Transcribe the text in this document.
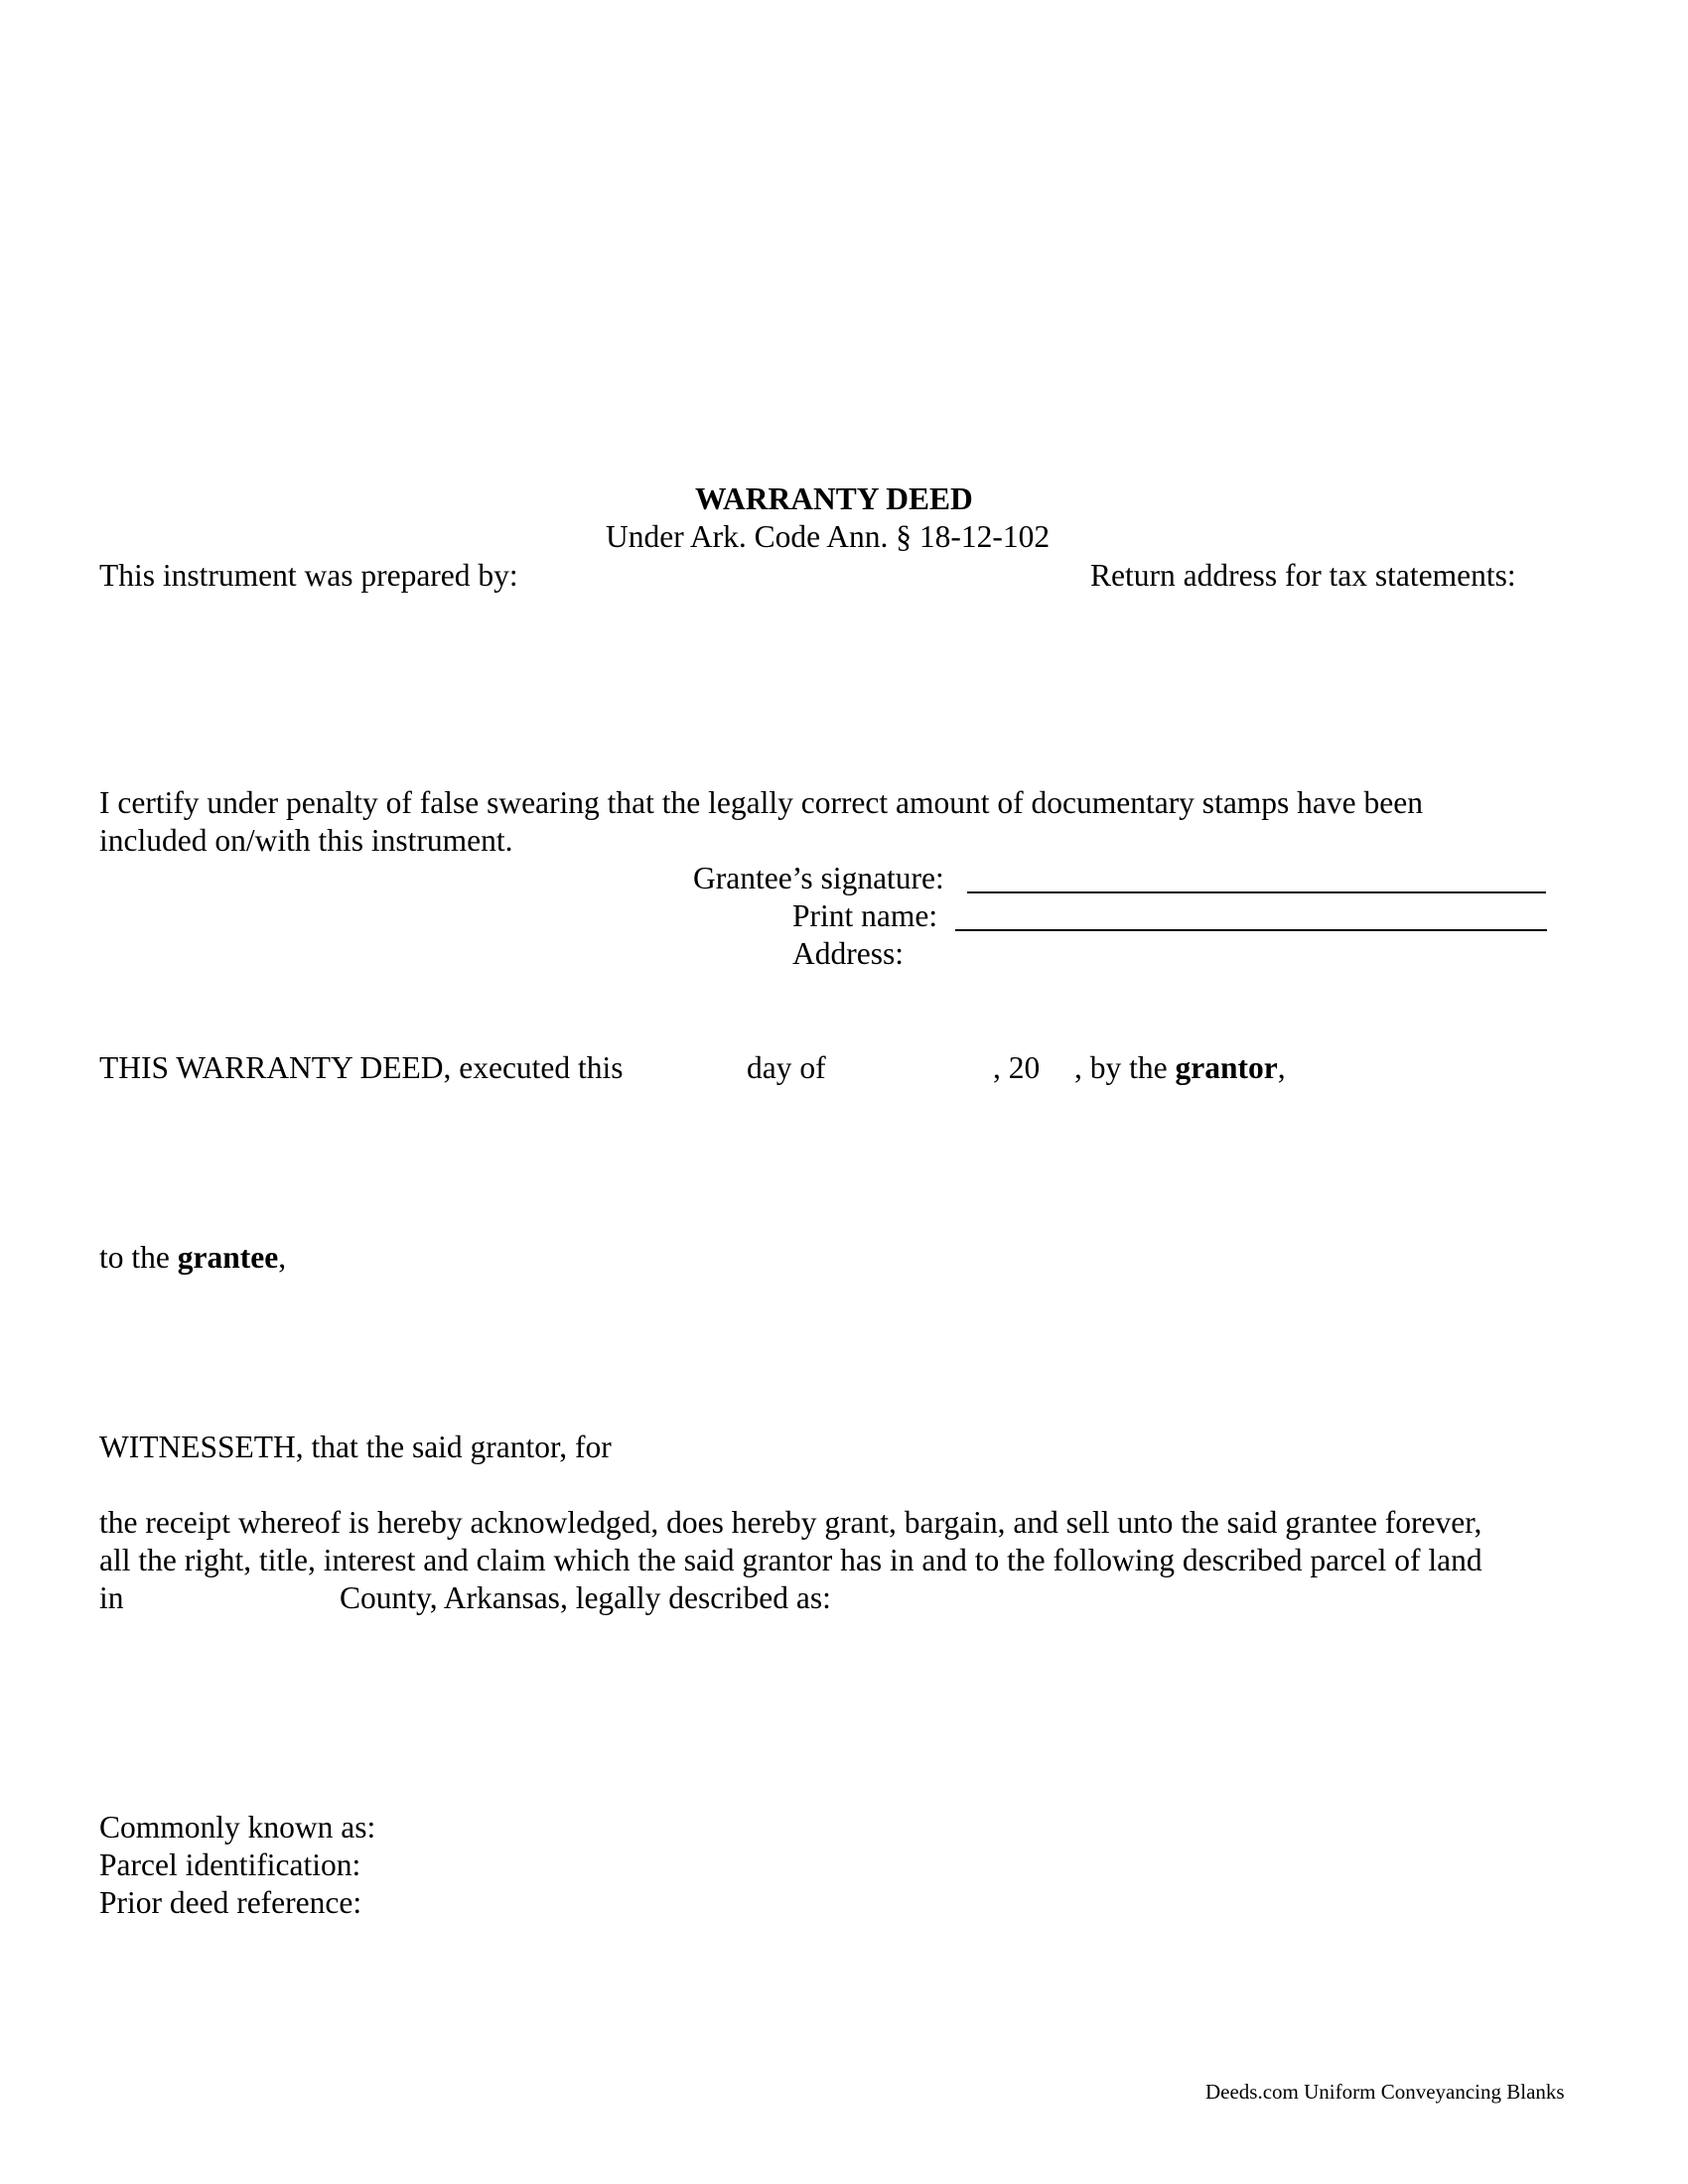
WARRANTY DEED
Under Ark. Code Ann. § 18-12-102
This instrument was prepared by:	Return address for tax statements:
I certify under penalty of false swearing that the legally correct amount of documentary stamps have been
included on/with this instrument.
Grantee’s signature:
Print name:
Address:
THIS WARRANTY DEED, executed this	day of	, 20 , by the grantor,
to the grantee,
WITNESSETH, that the said grantor, for
the receipt whereof is hereby acknowledged, does hereby grant, bargain, and sell unto the said grantee forever,
all the right, title, interest and claim which the said grantor has in and to the following described parcel of land
in	County, Arkansas, legally described as:
Commonly known as:
Parcel identification:
Prior deed reference:
Deeds.com Uniform Conveyancing Blanks
